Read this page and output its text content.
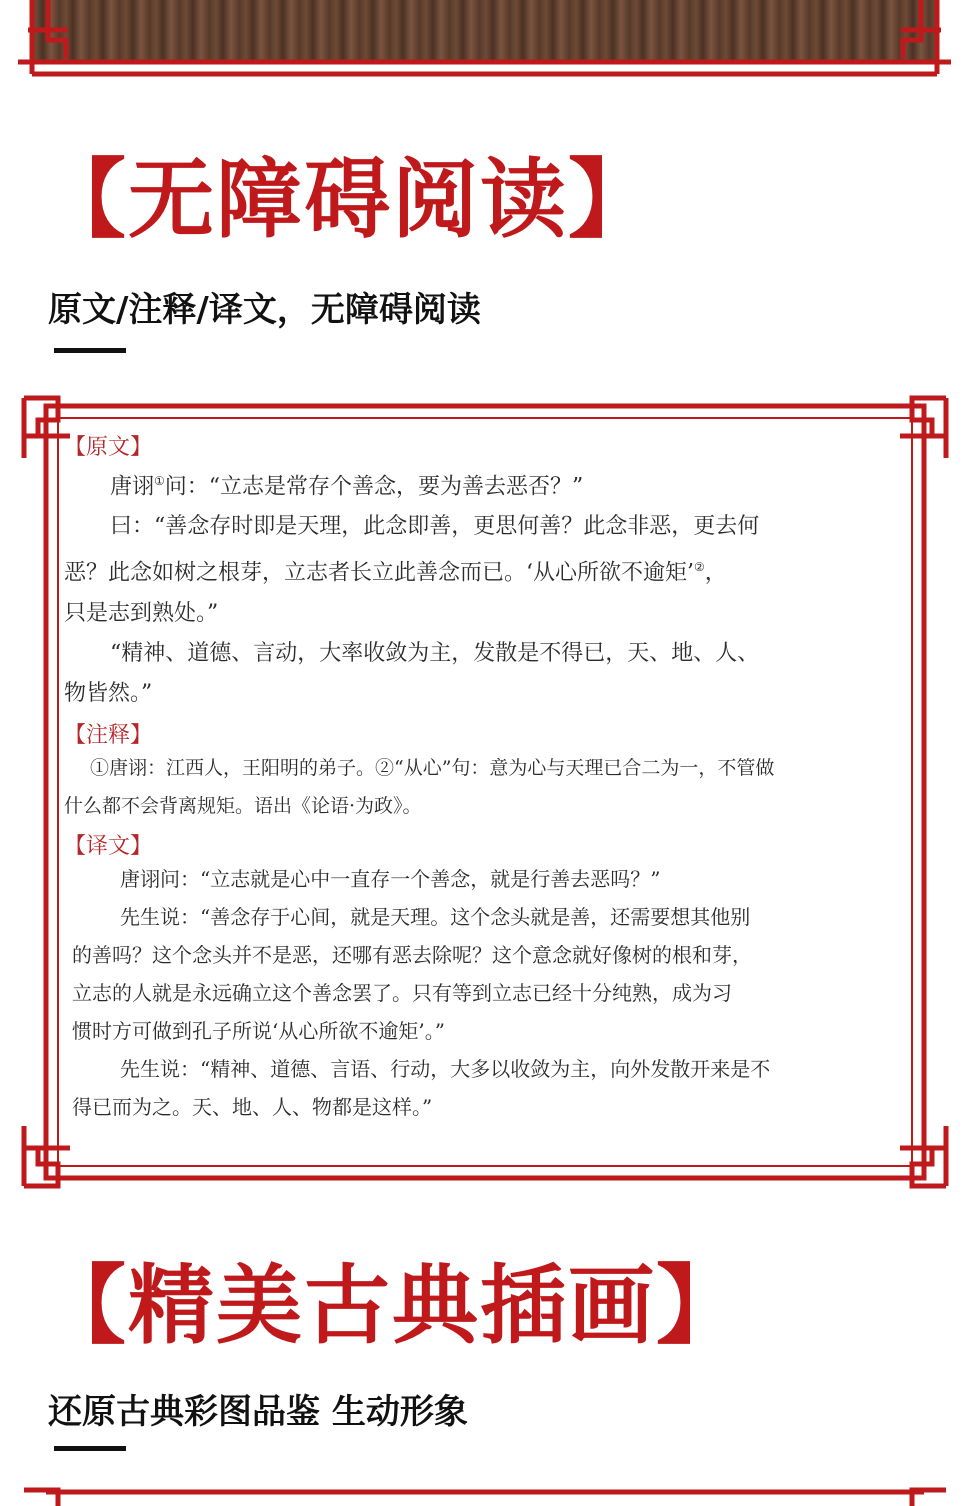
【无障碍阅读】
原文/注释/译文，无障碍阅读

【原文】

唐诩①问：“立志是常存个善念，要为善去恶否？”

曰：“善念存时即是天理，此念即善，更思何善？此念非恶，更去何

恶？此念如树之根芽，立志者长立此善念而已。‘从心所欲不逾矩’②，

只是志到熟处。”

“精神、道德、言动，大率收敛为主，发散是不得已，天、地、人、

物皆然。”

【注释】

①唐诩：江西人，王阳明的弟子。②“从心”句：意为心与天理已合二为一，不管做

什么都不会背离规矩。语出《论语·为政》。

【译文】

唐诩问：“立志就是心中一直存一个善念，就是行善去恶吗？”

先生说：“善念存于心间，就是天理。这个念头就是善，还需要想其他别

的善吗？这个念头并不是恶，还哪有恶去除呢？这个意念就好像树的根和芽，

立志的人就是永远确立这个善念罢了。只有等到立志已经十分纯熟，成为习

惯时方可做到孔子所说‘从心所欲不逾矩’。”

先生说：“精神、道德、言语、行动，大多以收敛为主，向外发散开来是不

得已而为之。天、地、人、物都是这样。”

【精美古典插画】
还原古典彩图品鉴 生动形象
